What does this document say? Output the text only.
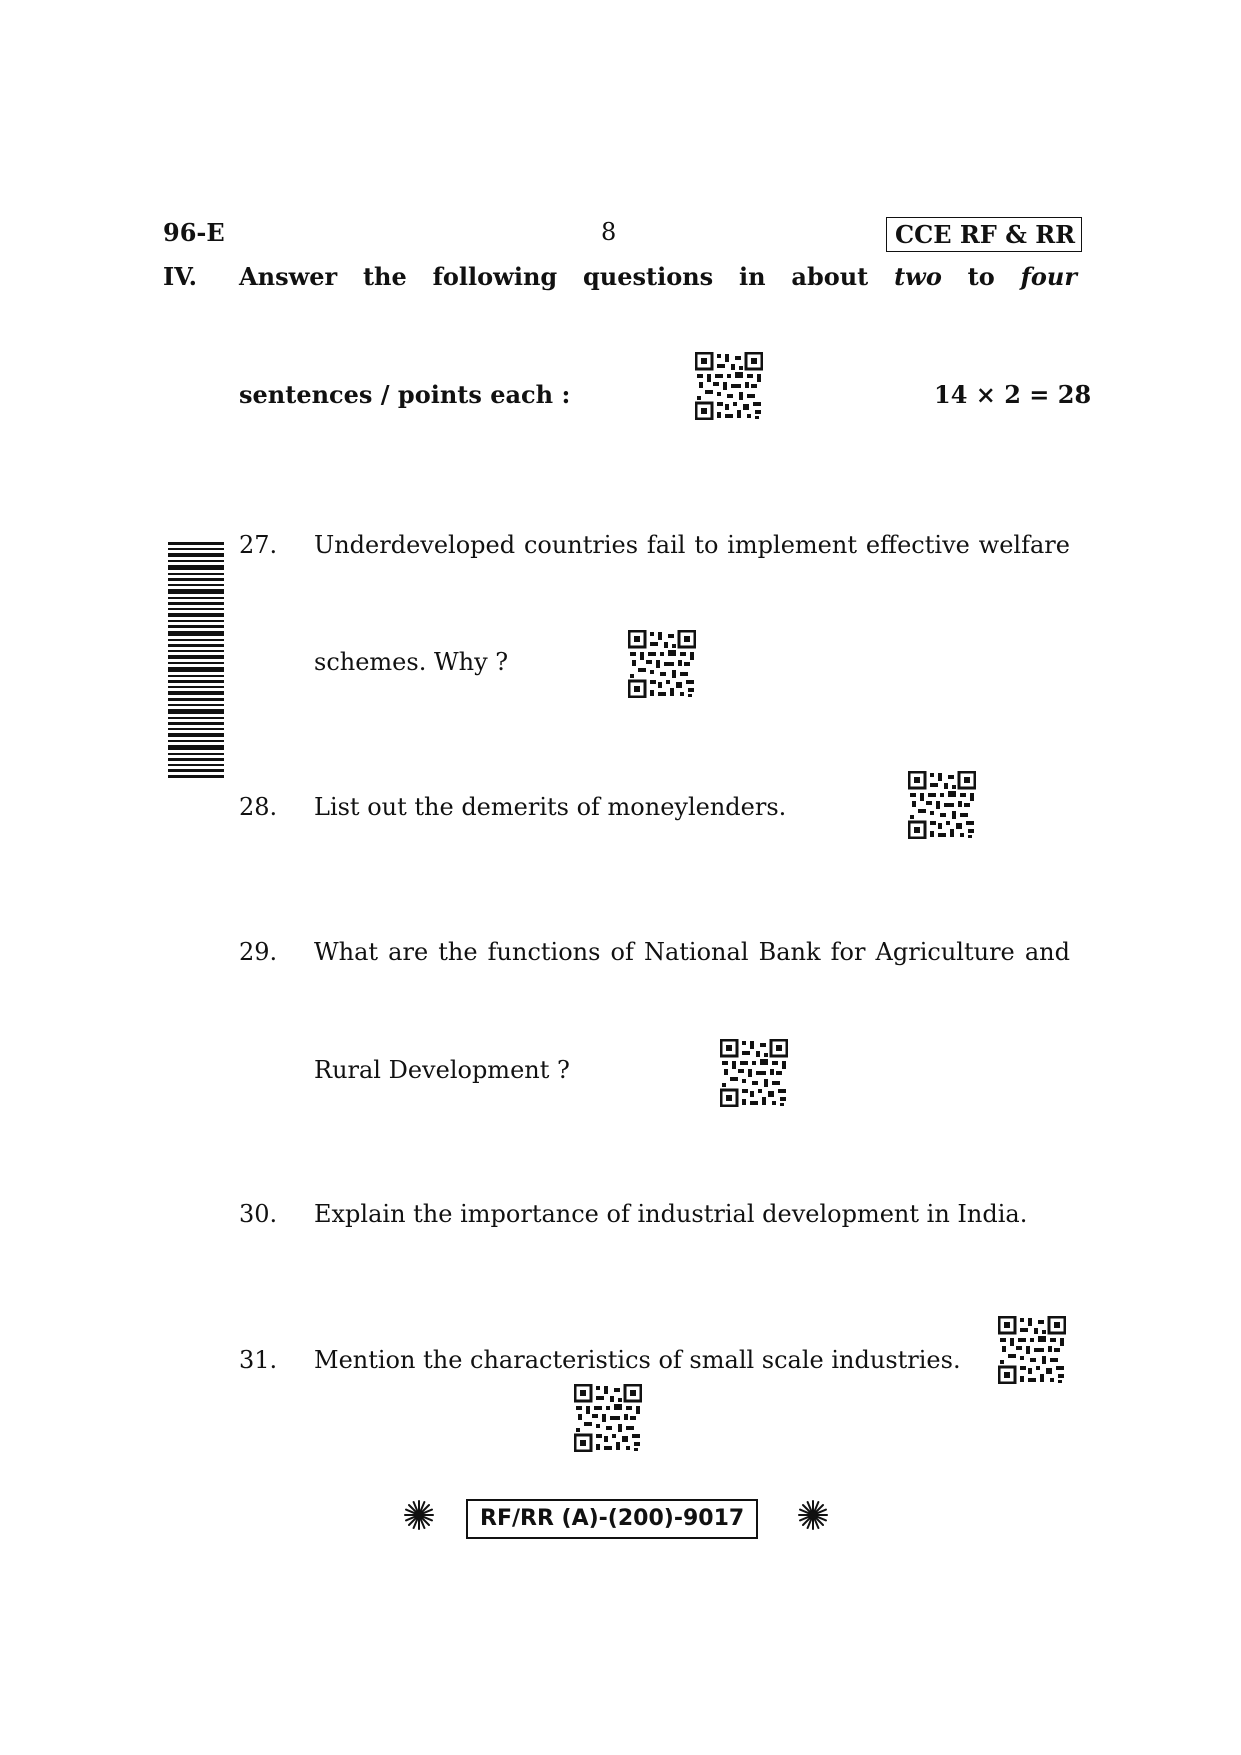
96-E	8	CCE RF & RR
IV. Answer the following questions in about two to four
sentences / points each :	14 × 2 = 28
27. Underdeveloped countries fail to implement effective welfare
schemes. Why ?
28. List out the demerits of moneylenders.
29. What are the functions of National Bank for Agriculture and
Rural Development ?
30. Explain the importance of industrial development in India.
31. Mention the characteristics of small scale industries.
RF/RR (A)-(200)-9017
